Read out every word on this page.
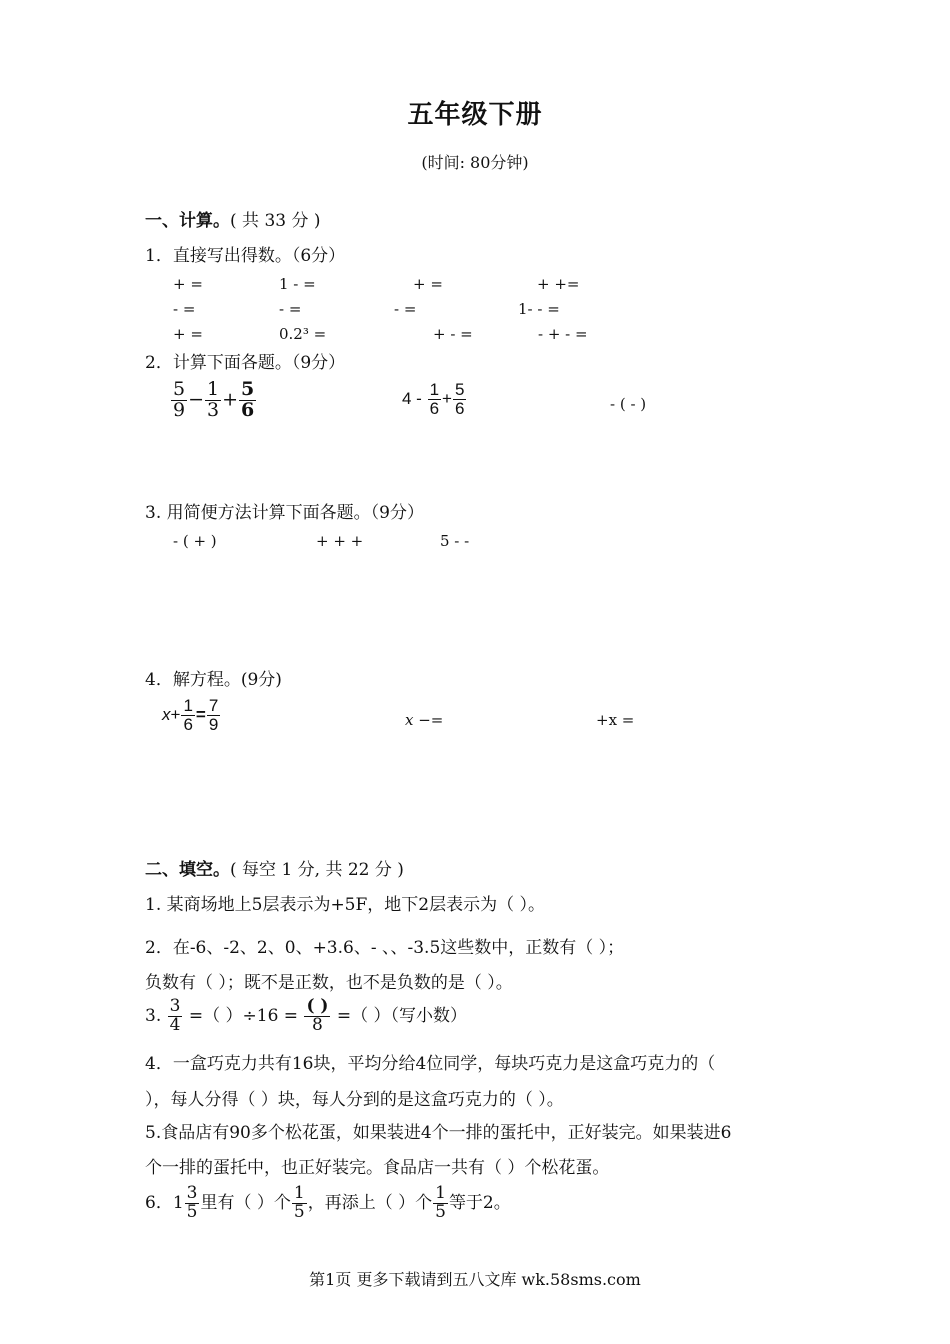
五年级下册
(时间: 80分钟)
一、计算。( 共 33 分 )
1．直接写出得数。（6分）
+ =	1 - =	+ =	+ +=
- =	- =	- =	1- - =
+ =	0.2³ =	+ - =	- + - =
2．计算下面各题。（9分）
$\frac{5}{9} - \frac{1}{3} + \frac{5}{6}$	$4 - \frac{1}{6} + \frac{5}{6}$	- ( - )
3. 用简便方法计算下面各题。（9分）
- ( + )	+ + +	5 - -
4．解方程。(9分)
$x+ \frac{1}{6} = \frac{7}{9}$	x −=	+x =
二、填空。( 每空 1 分, 共 22 分 )
1. 某商场地上5层表示为+5F，地下2层表示为（ ）。
2．在-6、-2、2、0、+3.6、- 、、-3.5这些数中，正数有（ ）；
负数有（ ）；既不是正数，也不是负数的是（ ）。
3. $\frac{3}{4}$ =（ ）$\div 16 = \frac{( )}{8}$ =（ ）（写小数）
4．一盒巧克力共有16块，平均分给4位同学，每块巧克力是这盒巧克力的（
），每人分得（ ）块，每人分到的是这盒巧克力的（ ）。
5.食品店有90多个松花蛋，如果装进4个一排的蛋托中，正好装完。如果装进6
个一排的蛋托中，也正好装完。食品店一共有（ ）个松花蛋。
6．$1 \frac{3}{5}$ 里有（ ）个 $\frac{1}{5}$ ，再添上（ ）个 $\frac{1}{5}$ 等于2。
第1页 更多下载请到五八文库 wk.58sms.com
